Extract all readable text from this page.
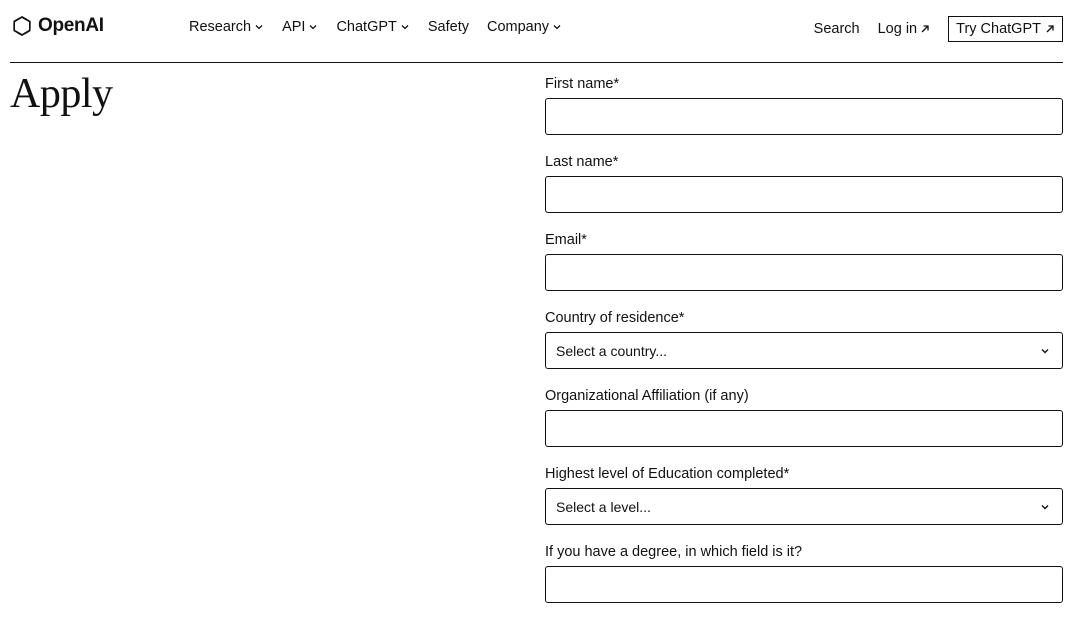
OpenAI	Research API ChatGPT Safety Company	Search Log in	Try ChatGPT
Apply	First name*
Last name*
Email*
Country of residence*
Select a country...
Organizational Affiliation (if any)
Highest level of Education completed*
Select a level...
If you have a degree, in which field is it?
